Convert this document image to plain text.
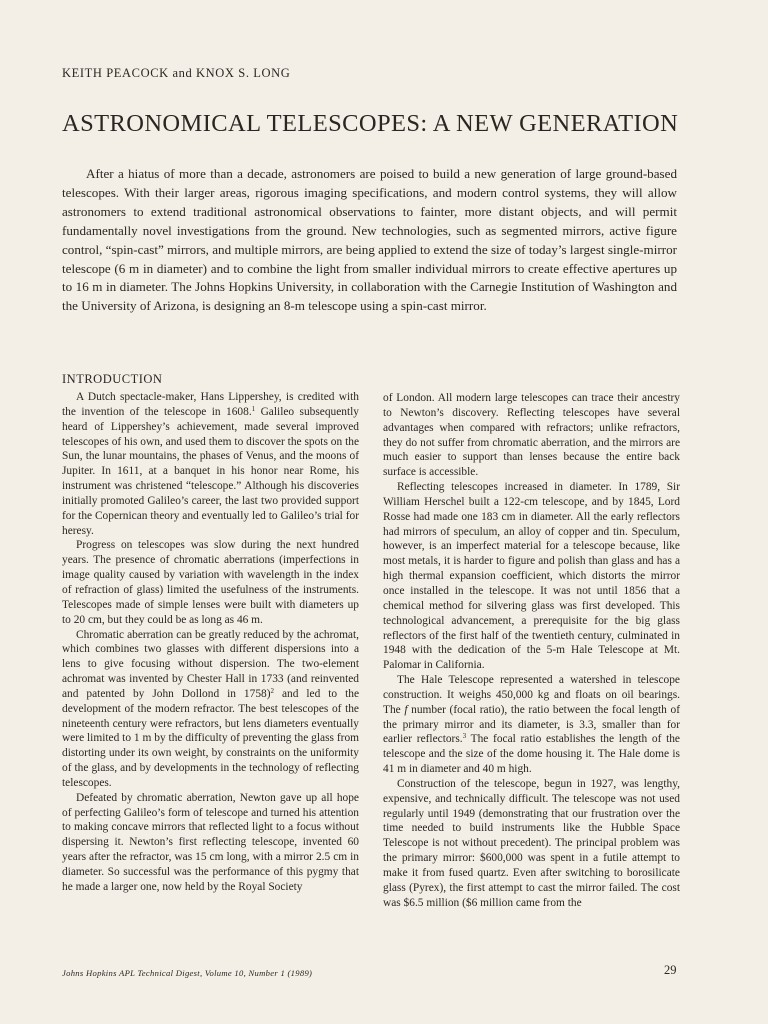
KEITH PEACOCK and KNOX S. LONG
ASTRONOMICAL TELESCOPES: A NEW GENERATION

After a hiatus of more than a decade, astronomers are poised to build a new generation of large ground-based telescopes. With their larger areas, rigorous imaging specifications, and modern control systems, they will allow astronomers to extend traditional astronomical observations to fainter, more distant objects, and will permit fundamentally novel investigations from the ground. New technologies, such as segmented mirrors, active figure control, “spin-cast” mirrors, and multiple mirrors, are being applied to extend the size of today’s largest single-mirror telescope (6 m in diameter) and to combine the light from smaller individual mirrors to create effective apertures up to 16 m in diameter. The Johns Hopkins University, in collaboration with the Carnegie Institution of Washington and the University of Arizona, is designing an 8-m telescope using a spin-cast mirror.

INTRODUCTION

A Dutch spectacle-maker, Hans Lippershey, is credited with the invention of the telescope in 1608.$^1$ Galileo subsequently heard of Lippershey’s achievement, made several improved telescopes of his own, and used them to discover the spots on the Sun, the lunar mountains, the phases of Venus, and the moons of Jupiter. In 1611, at a banquet in his honor near Rome, his instrument was christened “telescope.” Although his discoveries initially promoted Galileo’s career, the last two provided support for the Copernican theory and eventually led to Galileo’s trial for heresy.

Progress on telescopes was slow during the next hundred years. The presence of chromatic aberrations (imperfections in image quality caused by variation with wavelength in the index of refraction of glass) limited the usefulness of the instruments. Telescopes made of simple lenses were built with diameters up to 20 cm, but they could be as long as 46 m.

Chromatic aberration can be greatly reduced by the achromat, which combines two glasses with different dispersions into a lens to give focusing without dispersion. The two-element achromat was invented by Chester Hall in 1733 (and reinvented and patented by John Dollond in 1758)$^2$ and led to the development of the modern refractor. The best telescopes of the nineteenth century were refractors, but lens diameters eventually were limited to 1 m by the difficulty of preventing the glass from distorting under its own weight, by constraints on the uniformity of the glass, and by developments in the technology of reflecting telescopes.

Defeated by chromatic aberration, Newton gave up all hope of perfecting Galileo’s form of telescope and turned his attention to making concave mirrors that reflected light to a focus without dispersing it. Newton’s first reflecting telescope, invented 60 years after the refractor, was 15 cm long, with a mirror 2.5 cm in diameter. So successful was the performance of this pygmy that he made a larger one, now held by the Royal Society

of London. All modern large telescopes can trace their ancestry to Newton’s discovery. Reflecting telescopes have several advantages when compared with refractors; unlike refractors, they do not suffer from chromatic aberration, and the mirrors are much easier to support than lenses because the entire back surface is accessible.

Reflecting telescopes increased in diameter. In 1789, Sir William Herschel built a 122-cm telescope, and by 1845, Lord Rosse had made one 183 cm in diameter. All the early reflectors had mirrors of speculum, an alloy of copper and tin. Speculum, however, is an imperfect material for a telescope because, like most metals, it is harder to figure and polish than glass and has a high thermal expansion coefficient, which distorts the mirror once installed in the telescope. It was not until 1856 that a chemical method for silvering glass was first developed. This technological advancement, a prerequisite for the big glass reflectors of the first half of the twentieth century, culminated in 1948 with the dedication of the 5-m Hale Telescope at Mt. Palomar in California.

The Hale Telescope represented a watershed in telescope construction. It weighs 450,000 kg and floats on oil bearings. The f number (focal ratio), the ratio between the focal length of the primary mirror and its diameter, is 3.3, smaller than for earlier reflectors.$^3$ The focal ratio establishes the length of the telescope and the size of the dome housing it. The Hale dome is 41 m in diameter and 40 m high.

Construction of the telescope, begun in 1927, was lengthy, expensive, and technically difficult. The telescope was not used regularly until 1949 (demonstrating that our frustration over the time needed to build instruments like the Hubble Space Telescope is not without precedent). The principal problem was the primary mirror: $600,000 was spent in a futile attempt to make it from fused quartz. Even after switching to borosilicate glass (Pyrex), the first attempt to cast the mirror failed. The cost was $6.5 million ($6 million came from the

Johns Hopkins APL Technical Digest, Volume 10, Number 1 (1989)	29
